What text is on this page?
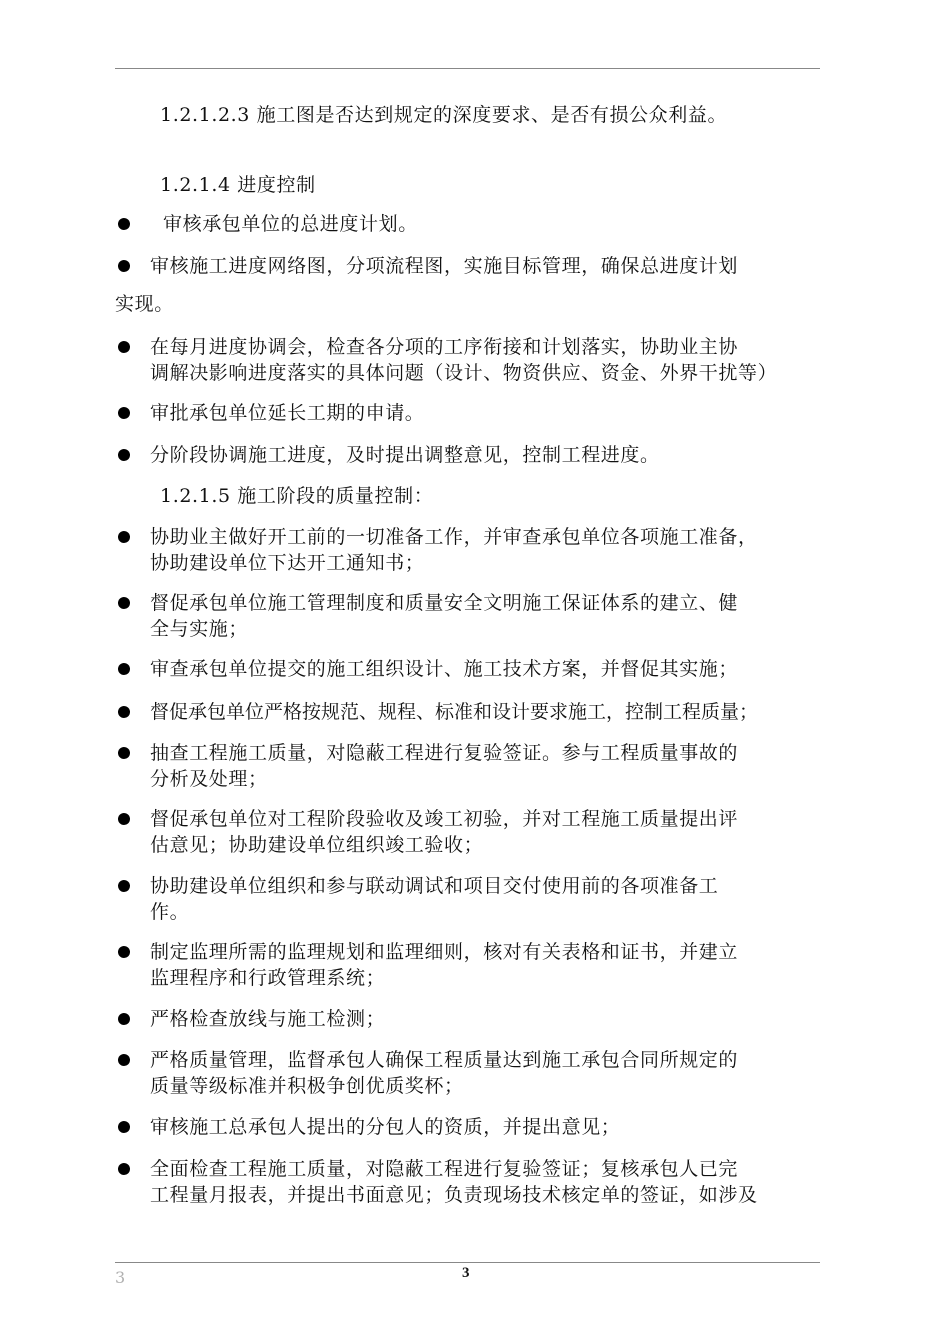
1.2.1.2.3 施工图是否达到规定的深度要求、是否有损公众利益。
1.2.1.4 进度控制
审核承包单位的总进度计划。
审核施工进度网络图，分项流程图，实施目标管理，确保总进度计划
实现。
在每月进度协调会，检查各分项的工序衔接和计划落实，协助业主协
调解决影响进度落实的具体问题（设计、物资供应、资金、外界干扰等）
审批承包单位延长工期的申请。
分阶段协调施工进度，及时提出调整意见，控制工程进度。
1.2.1.5 施工阶段的质量控制：
协助业主做好开工前的一切准备工作，并审查承包单位各项施工准备，
协助建设单位下达开工通知书；
督促承包单位施工管理制度和质量安全文明施工保证体系的建立、健
全与实施；
审查承包单位提交的施工组织设计、施工技术方案，并督促其实施；
督促承包单位严格按规范、规程、标准和设计要求施工，控制工程质量；
抽查工程施工质量，对隐蔽工程进行复验签证。参与工程质量事故的
分析及处理；
督促承包单位对工程阶段验收及竣工初验，并对工程施工质量提出评
估意见；协助建设单位组织竣工验收；
协助建设单位组织和参与联动调试和项目交付使用前的各项准备工
作。
制定监理所需的监理规划和监理细则，核对有关表格和证书，并建立
监理程序和行政管理系统；
严格检查放线与施工检测；
严格质量管理，监督承包人确保工程质量达到施工承包合同所规定的
质量等级标准并积极争创优质奖杯；
审核施工总承包人提出的分包人的资质，并提出意见；
全面检查工程施工质量，对隐蔽工程进行复验签证；复核承包人已完
工程量月报表，并提出书面意见；负责现场技术核定单的签证，如涉及
3	3
